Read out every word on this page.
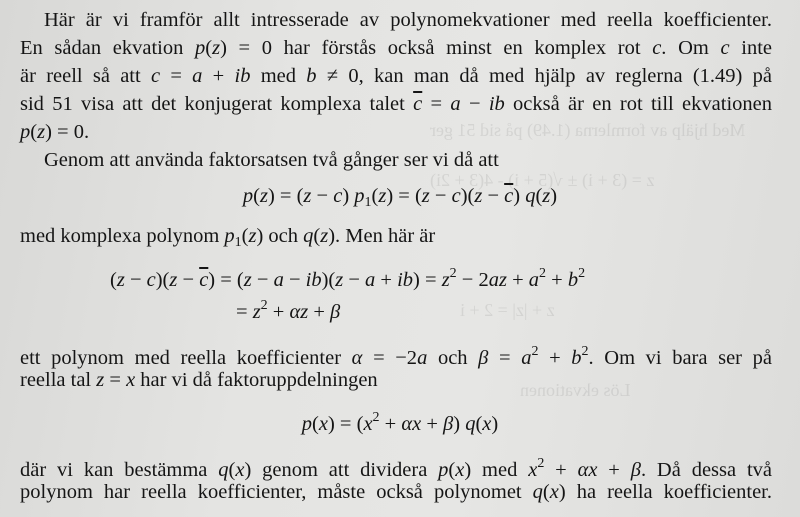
Med hjälp av formlerna (1.49) på sid 51 ger
z = (3 + i) ± √(5 + i) - 4(3 + 2i)
z + |z| = 2 + i
Lös ekvationen
Här är vi framför allt intresserade av polynomekvationer med reella koefficienter.
En sådan ekvation p(z) = 0 har förstås också minst en komplex rot c. Om c inte
är reell så att c = a + ib med b ≠ 0, kan man då med hjälp av reglerna (1.49) på
sid 51 visa att det konjugerat komplexa talet $\overline{c} = a$ − ib också är en rot till ekvationen
p(z) = 0.
Genom att använda faktorsatsen två gånger ser vi då att
p(z) = (z − c) $p_1(z) = (z - c)(z - \overline{c})$ q(z)
med komplexa polynom $p_1(z)$ och q(z). Men här är
$(z - c)(z - \overline{c}) = (z - a - ib)(z - a + ib) = z^2 - 2az + a^2 + b^2$
= $z^2 + \alpha z + \beta$
ett polynom med reella koefficienter α = −2a och $\beta = a^2 + b^2$. Om vi bara ser på
reella tal z = x har vi då faktoruppdelningen
$p(x) = (x^2 + \alpha x + \beta)$ q(x)
där vi kan bestämma q(x) genom att dividera p(x) med $x^2 + \alpha x + \beta$. Då dessa två
polynom har reella koefficienter, måste också polynomet q(x) ha reella koefficienter.
